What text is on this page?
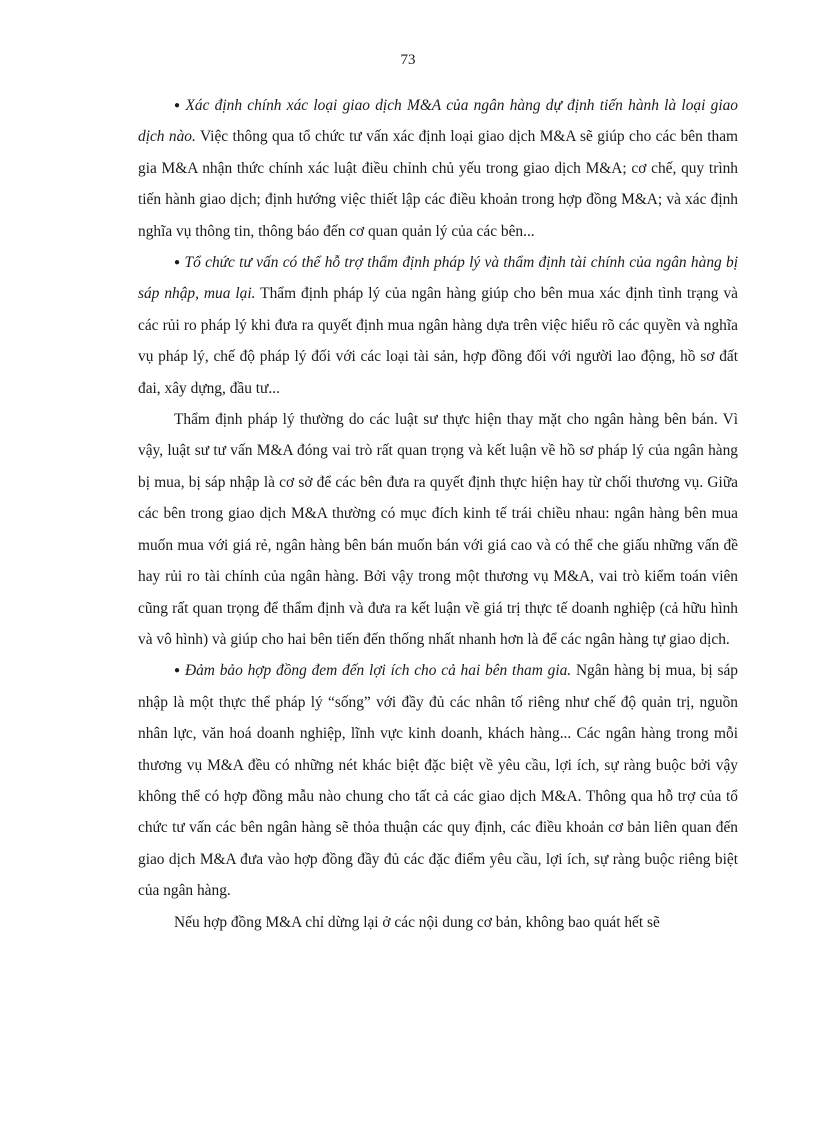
73

● Xác định chính xác loại giao dịch M&A của ngân hàng dự định tiến hành là loại giao dịch nào. Việc thông qua tổ chức tư vấn xác định loại giao dịch M&A sẽ giúp cho các bên tham gia M&A nhận thức chính xác luật điều chỉnh chủ yếu trong giao dịch M&A; cơ chế, quy trình tiến hành giao dịch; định hướng việc thiết lập các điều khoản trong hợp đồng M&A; và xác định nghĩa vụ thông tin, thông báo đến cơ quan quản lý của các bên...

● Tổ chức tư vấn có thể hỗ trợ thẩm định pháp lý và thẩm định tài chính của ngân hàng bị sáp nhập, mua lại. Thẩm định pháp lý của ngân hàng giúp cho bên mua xác định tình trạng và các rủi ro pháp lý khi đưa ra quyết định mua ngân hàng dựa trên việc hiểu rõ các quyền và nghĩa vụ pháp lý, chế độ pháp lý đối với các loại tài sản, hợp đồng đối với người lao động, hồ sơ đất đai, xây dựng, đầu tư...

Thẩm định pháp lý thường do các luật sư thực hiện thay mặt cho ngân hàng bên bán. Vì vậy, luật sư tư vấn M&A đóng vai trò rất quan trọng và kết luận về hồ sơ pháp lý của ngân hàng bị mua, bị sáp nhập là cơ sở để các bên đưa ra quyết định thực hiện hay từ chối thương vụ. Giữa các bên trong giao dịch M&A thường có mục đích kinh tế trái chiều nhau: ngân hàng bên mua muốn mua với giá rẻ, ngân hàng bên bán muốn bán với giá cao và có thể che giấu những vấn đề hay rủi ro tài chính của ngân hàng. Bởi vậy trong một thương vụ M&A, vai trò kiểm toán viên cũng rất quan trọng để thẩm định và đưa ra kết luận về giá trị thực tế doanh nghiệp (cả hữu hình và vô hình) và giúp cho hai bên tiến đến thống nhất nhanh hơn là để các ngân hàng tự giao dịch.

● Đảm bảo hợp đồng đem đến lợi ích cho cả hai bên tham gia. Ngân hàng bị mua, bị sáp nhập là một thực thể pháp lý “sống” với đầy đủ các nhân tố riêng như chế độ quản trị, nguồn nhân lực, văn hoá doanh nghiệp, lĩnh vực kinh doanh, khách hàng... Các ngân hàng trong mỗi thương vụ M&A đều có những nét khác biệt đặc biệt về yêu cầu, lợi ích, sự ràng buộc bởi vậy không thể có hợp đồng mẫu nào chung cho tất cả các giao dịch M&A. Thông qua hỗ trợ của tổ chức tư vấn các bên ngân hàng sẽ thỏa thuận các quy định, các điều khoản cơ bản liên quan đến giao dịch M&A đưa vào hợp đồng đầy đủ các đặc điểm yêu cầu, lợi ích, sự ràng buộc riêng biệt của ngân hàng.

Nếu hợp đồng M&A chỉ dừng lại ở các nội dung cơ bản, không bao quát hết sẽ
